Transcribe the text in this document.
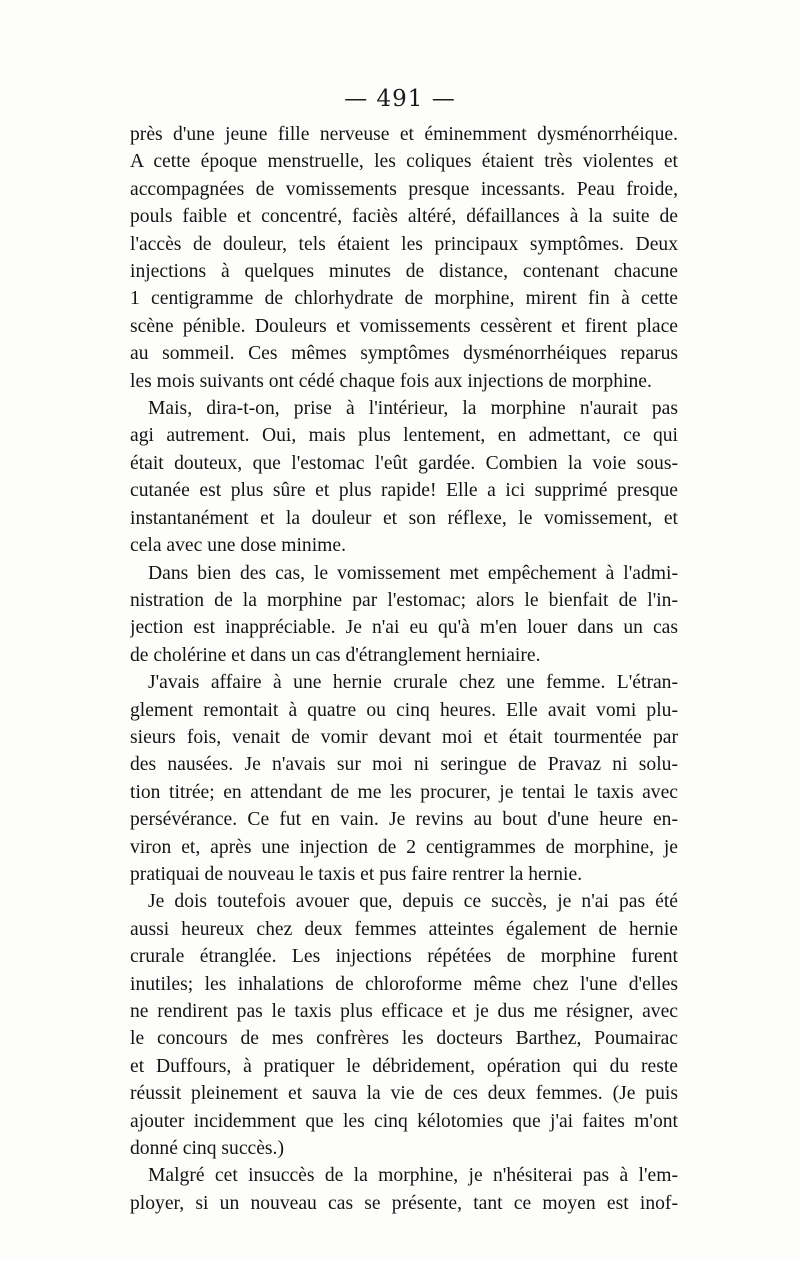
— 491 —
près d'une jeune fille nerveuse et éminemment dysménorrhéique.
A cette époque menstruelle, les coliques étaient très violentes et
accompagnées de vomissements presque incessants. Peau froide,
pouls faible et concentré, faciès altéré, défaillances à la suite de
l'accès de douleur, tels étaient les principaux symptômes. Deux
injections à quelques minutes de distance, contenant chacune
1 centigramme de chlorhydrate de morphine, mirent fin à cette
scène pénible. Douleurs et vomissements cessèrent et firent place
au sommeil. Ces mêmes symptômes dysménorrhéiques reparus
les mois suivants ont cédé chaque fois aux injections de morphine.
Mais, dira-t-on, prise à l'intérieur, la morphine n'aurait pas
agi autrement. Oui, mais plus lentement, en admettant, ce qui
était douteux, que l'estomac l'eût gardée. Combien la voie sous-
cutanée est plus sûre et plus rapide! Elle a ici supprimé presque
instantanément et la douleur et son réflexe, le vomissement, et
cela avec une dose minime.
Dans bien des cas, le vomissement met empêchement à l'admi-
nistration de la morphine par l'estomac; alors le bienfait de l'in-
jection est inappréciable. Je n'ai eu qu'à m'en louer dans un cas
de cholérine et dans un cas d'étranglement herniaire.
J'avais affaire à une hernie crurale chez une femme. L'étran-
glement remontait à quatre ou cinq heures. Elle avait vomi plu-
sieurs fois, venait de vomir devant moi et était tourmentée par
des nausées. Je n'avais sur moi ni seringue de Pravaz ni solu-
tion titrée; en attendant de me les procurer, je tentai le taxis avec
persévérance. Ce fut en vain. Je revins au bout d'une heure en-
viron et, après une injection de 2 centigrammes de morphine, je
pratiquai de nouveau le taxis et pus faire rentrer la hernie.
Je dois toutefois avouer que, depuis ce succès, je n'ai pas été
aussi heureux chez deux femmes atteintes également de hernie
crurale étranglée. Les injections répétées de morphine furent
inutiles; les inhalations de chloroforme même chez l'une d'elles
ne rendirent pas le taxis plus efficace et je dus me résigner, avec
le concours de mes confrères les docteurs Barthez, Poumairac
et Duffours, à pratiquer le débridement, opération qui du reste
réussit pleinement et sauva la vie de ces deux femmes. (Je puis
ajouter incidemment que les cinq kélotomies que j'ai faites m'ont
donné cinq succès.)
Malgré cet insuccès de la morphine, je n'hésiterai pas à l'em-
ployer, si un nouveau cas se présente, tant ce moyen est inof-
